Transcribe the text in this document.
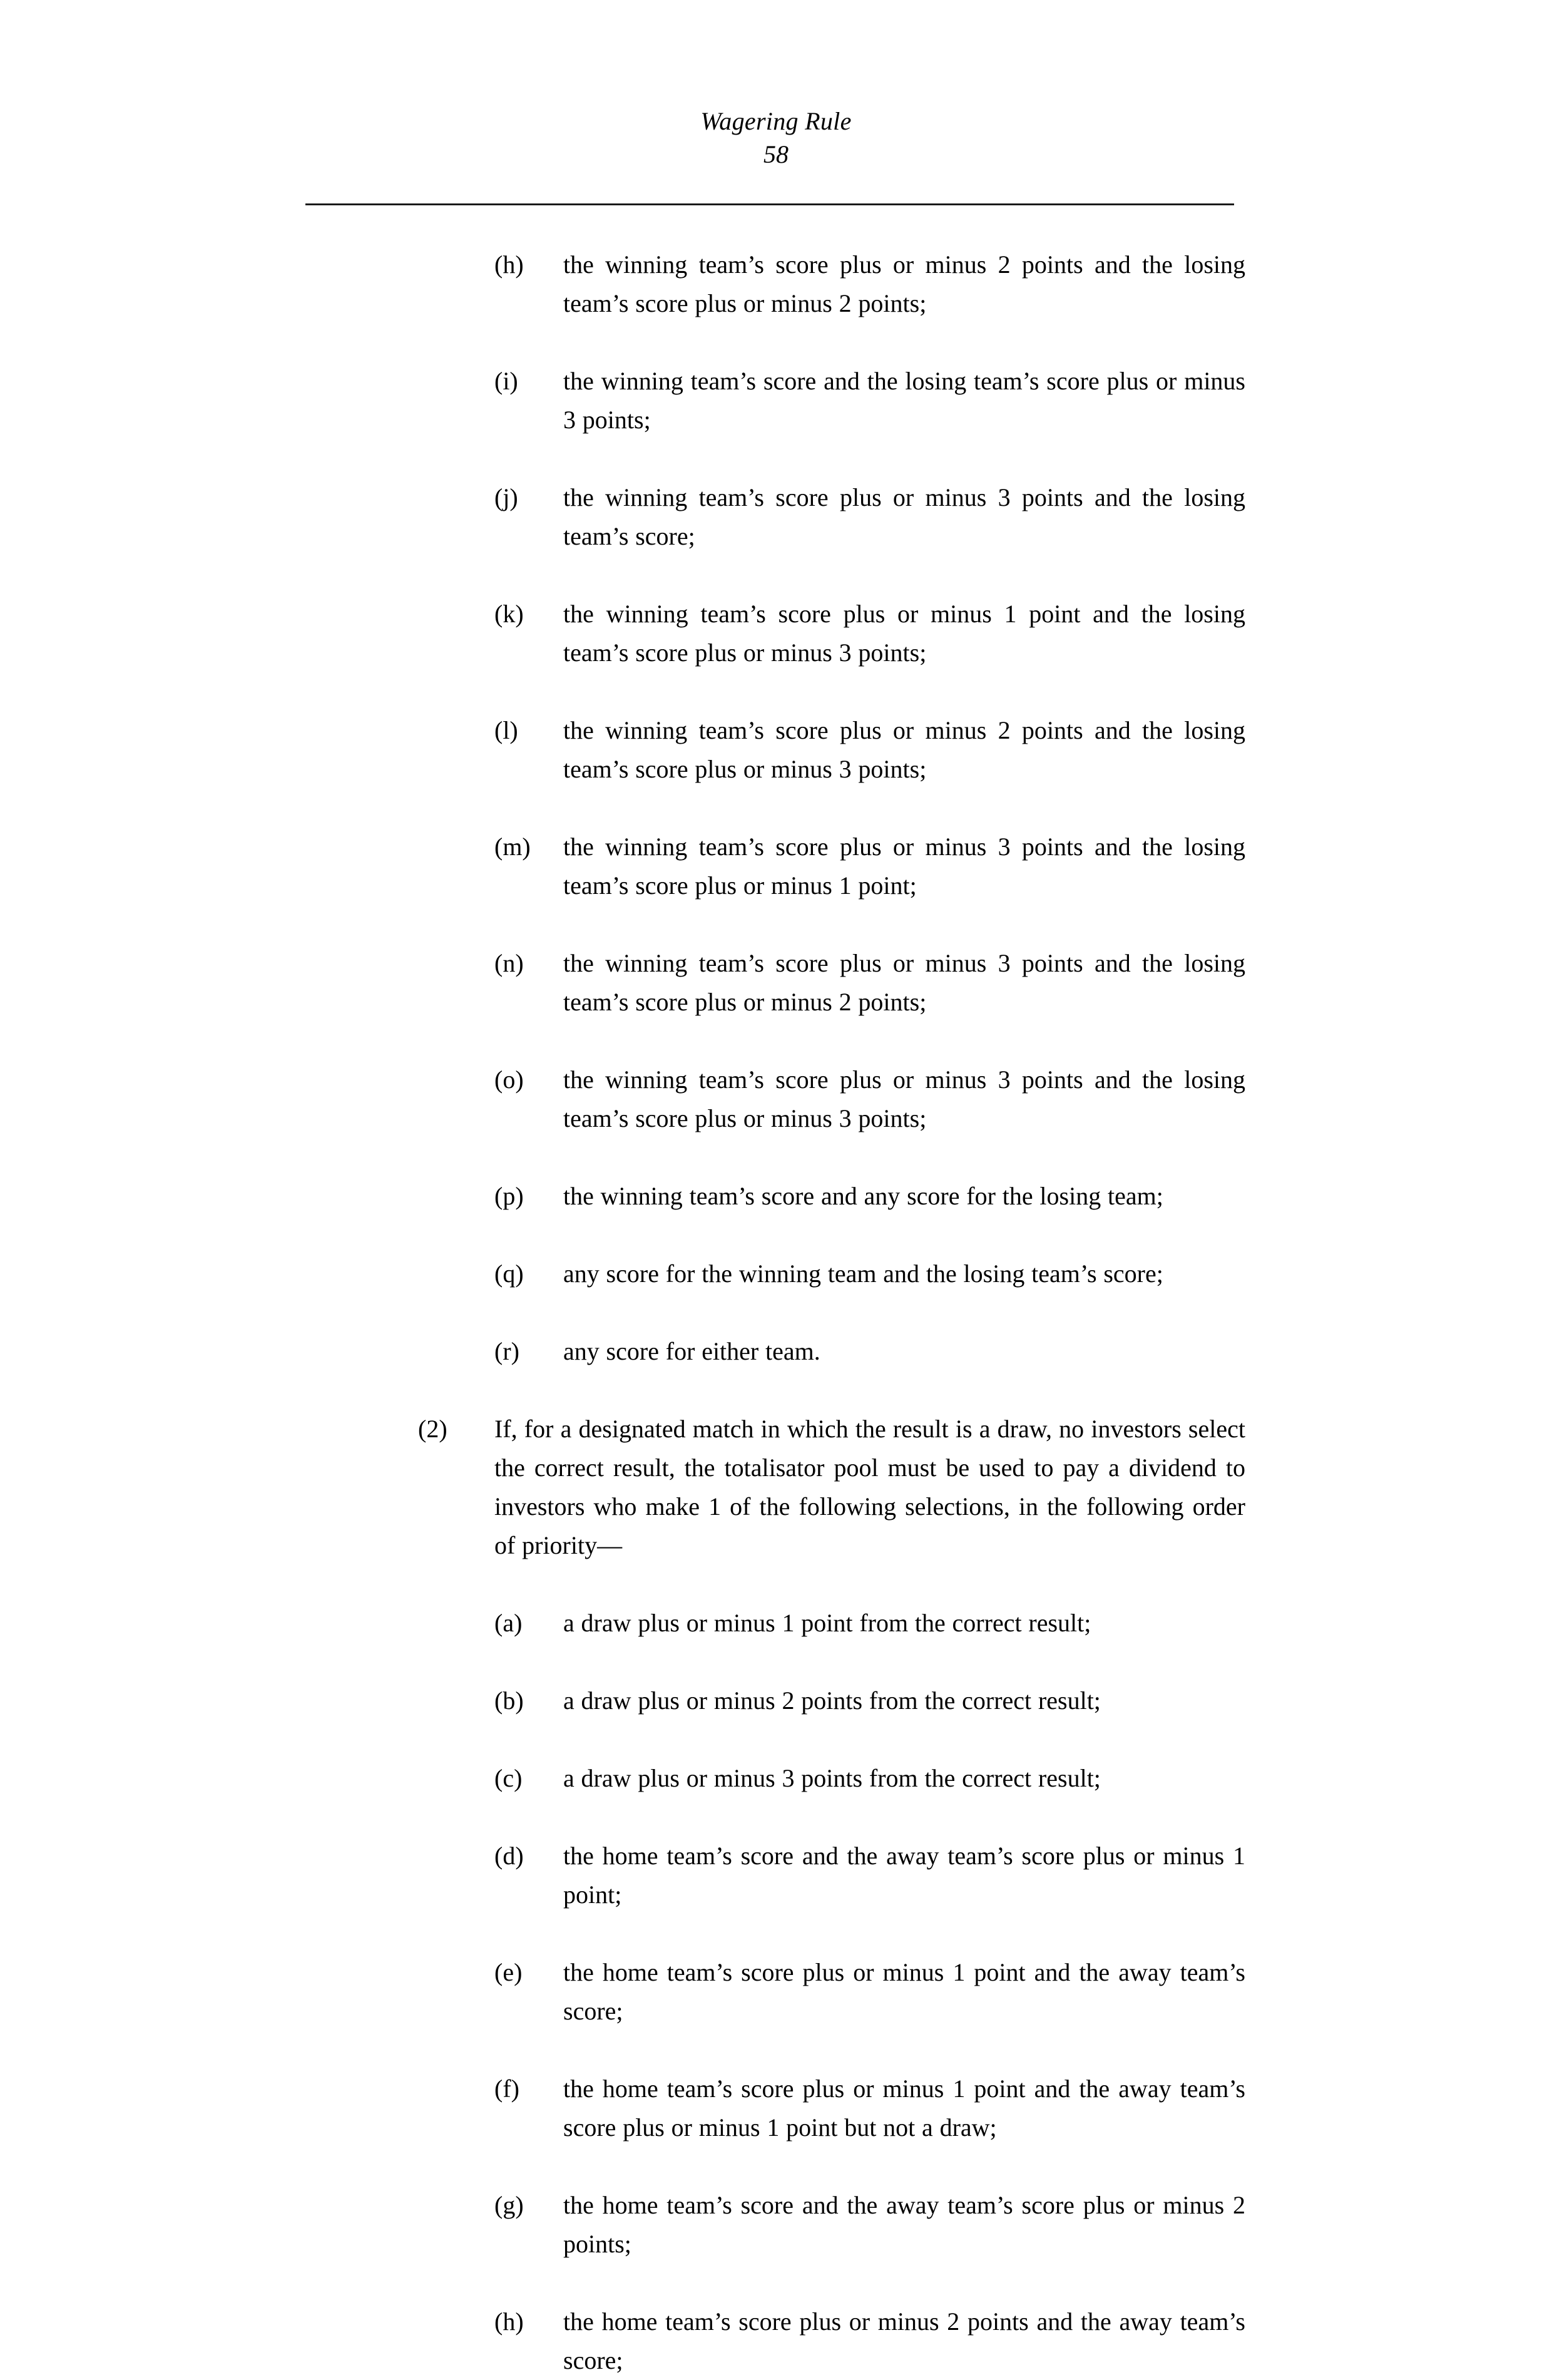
Wagering Rule
58
(h)	the winning team’s score plus or minus 2 points and the losing team’s score plus or minus 2 points;
(i)	the winning team’s score and the losing team’s score plus or minus 3 points;
(j)	the winning team’s score plus or minus 3 points and the losing team’s score;
(k)	the winning team’s score plus or minus 1 point and the losing team’s score plus or minus 3 points;
(l)	the winning team’s score plus or minus 2 points and the losing team’s score plus or minus 3 points;
(m)	the winning team’s score plus or minus 3 points and the losing team’s score plus or minus 1 point;
(n)	the winning team’s score plus or minus 3 points and the losing team’s score plus or minus 2 points;
(o)	the winning team’s score plus or minus 3 points and the losing team’s score plus or minus 3 points;
(p)	the winning team’s score and any score for the losing team;
(q)	any score for the winning team and the losing team’s score;
(r)	any score for either team.
(2)	If, for a designated match in which the result is a draw, no investors select the correct result, the totalisator pool must be used to pay a dividend to investors who make 1 of the following selections, in the following order of priority—
(a)	a draw plus or minus 1 point from the correct result;
(b)	a draw plus or minus 2 points from the correct result;
(c)	a draw plus or minus 3 points from the correct result;
(d)	the home team’s score and the away team’s score plus or minus 1 point;
(e)	the home team’s score plus or minus 1 point and the away team’s score;
(f)	the home team’s score plus or minus 1 point and the away team’s score plus or minus 1 point but not a draw;
(g)	the home team’s score and the away team’s score plus or minus 2 points;
(h)	the home team’s score plus or minus 2 points and the away team’s score;
